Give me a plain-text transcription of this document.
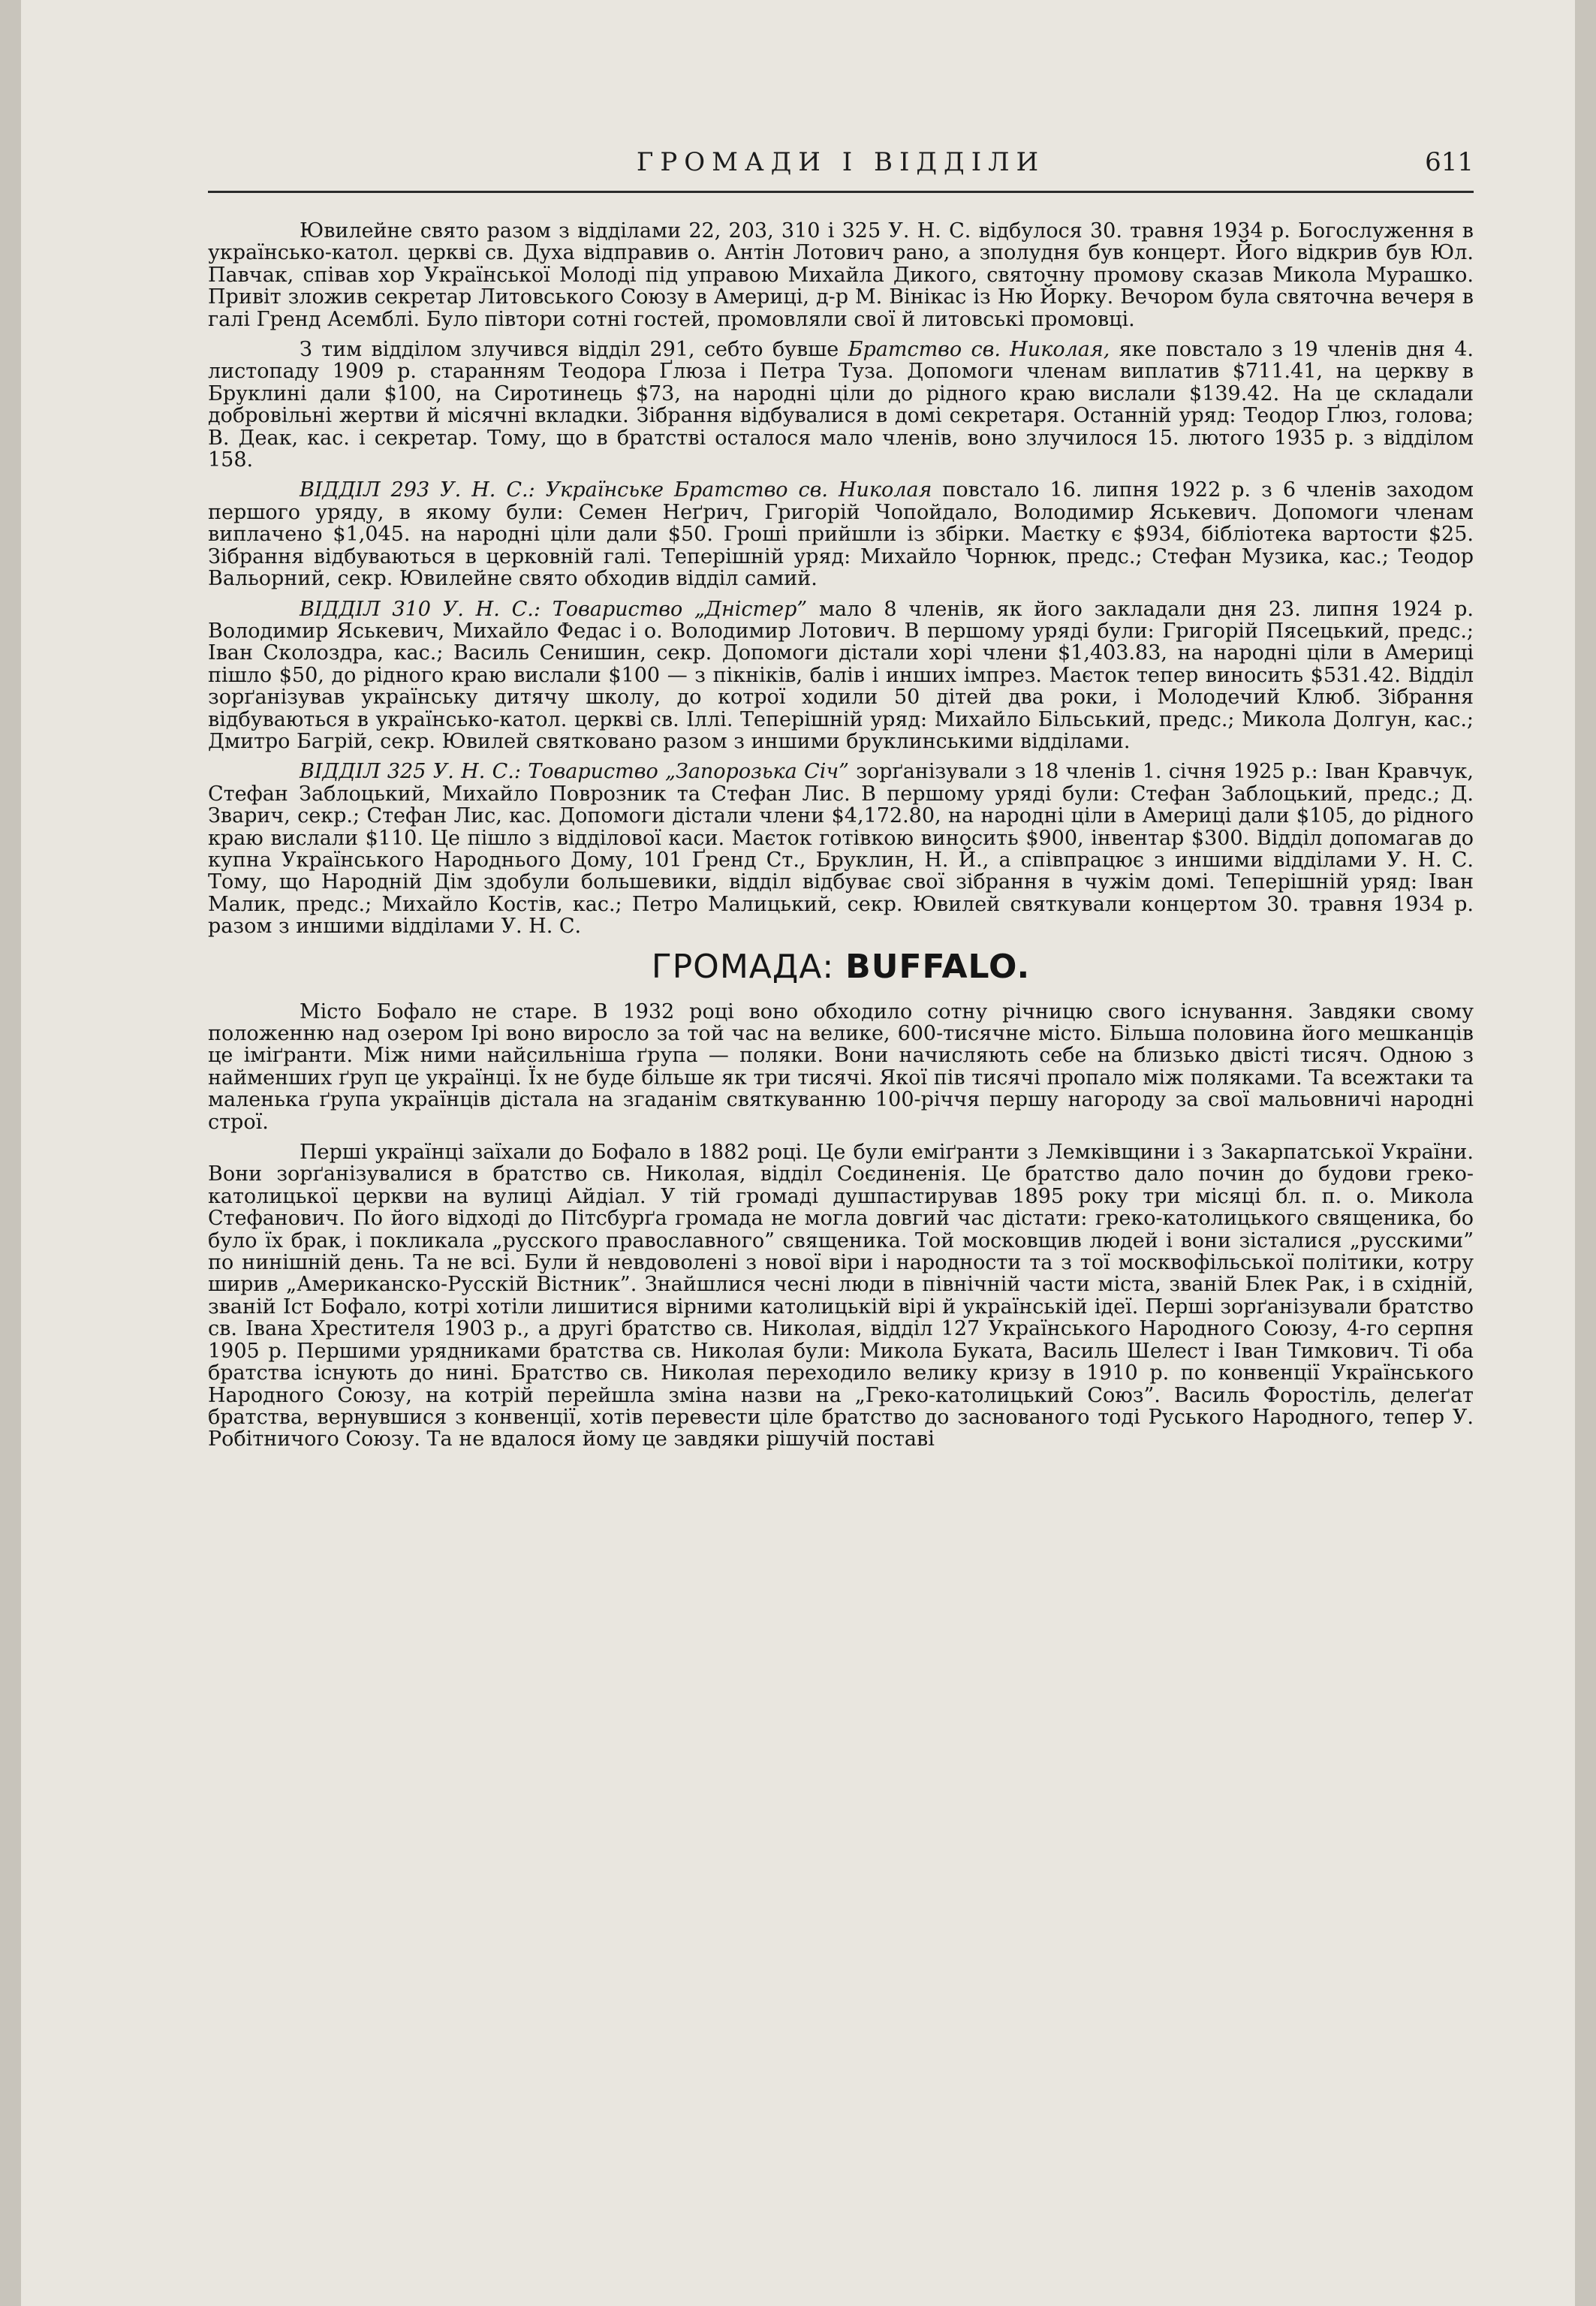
ГРОМАДИ І ВІДДІЛИ	611

Ювилейне свято разом з відділами 22, 203, 310 і 325 У. Н. С. відбулося 30. травня 1934 р. Богослуження в українсько-катол. церкві св. Духа відправив о. Антін Лотович рано, а зполудня був концерт. Його відкрив був Юл. Павчак, співав хор Української Молоді під управою Михайла Дикого, святочну промову сказав Микола Мурашко. Привіт зложив секретар Литовського Союзу в Америці, д-р М. Вінікас із Ню Йорку. Вечором була святочна вечеря в галі Гренд Асемблі. Було півтори сотні гостей, промовляли свої й литовські промовці.

З тим відділом злучився відділ 291, себто бувше Братство св. Николая, яке повстало з 19 членів дня 4. листопаду 1909 р. старанням Теодора Ґлюза і Петра Туза. Допомоги членам виплатив $711.41, на церкву в Бруклині дали $100, на Сиротинець $73, на народні ціли до рідного краю вислали $139.42. На це складали добровільні жертви й місячні вкладки. Зібрання відбувалися в домі секретаря. Останній уряд: Теодор Ґлюз, голова; В. Деак, кас. і секретар. Тому, що в братстві осталося мало членів, воно злучилося 15. лютого 1935 р. з відділом 158.

ВІДДІЛ 293 У. Н. С.: Українське Братство св. Николая повстало 16. липня 1922 р. з 6 членів заходом першого уряду, в якому були: Семен Неґрич, Григорій Чопойдало, Володимир Яськевич. Допомоги членам виплачено $1,045. на народні ціли дали $50. Гроші прийшли із збірки. Маєтку є $934, бібліотека вартости $25. Зібрання відбуваються в церковній галі. Теперішній уряд: Михайло Чорнюк, предс.; Стефан Музика, кас.; Теодор Вальорний, секр. Ювилейне свято обходив відділ самий.

ВІДДІЛ 310 У. Н. С.: Товариство „Дністер” мало 8 членів, як його закладали дня 23. липня 1924 р. Володимир Яськевич, Михайло Федас і о. Володимир Лотович. В першому уряді були: Григорій Пясецький, предс.; Іван Сколоздра, кас.; Василь Сенишин, секр. Допомоги дістали хорі члени $1,403.83, на народні ціли в Америці пішло $50, до рідного краю вислали $100 — з пікніків, балів і инших імпрез. Маєток тепер виносить $531.42. Відділ зорґанізував українську дитячу школу, до котрої ходили 50 дітей два роки, і Молодечий Клюб. Зібрання відбуваються в українсько-катол. церкві св. Іллі. Теперішній уряд: Михайло Більський, предс.; Микола Долгун, кас.; Дмитро Багрій, секр. Ювилей святковано разом з иншими бруклинськими відділами.

ВІДДІЛ 325 У. Н. С.: Товариство „Запорозька Січ” зорґанізували з 18 членів 1. січня 1925 р.: Іван Кравчук, Стефан Заблоцький, Михайло Поврозник та Стефан Лис. В першому уряді були: Стефан Заблоцький, предс.; Д. Зварич, секр.; Стефан Лис, кас. Допомоги дістали члени $4,172.80, на народні ціли в Америці дали $105, до рідного краю вислали $110. Це пішло з відділової каси. Маєток готівкою виносить $900, інвентар $300. Відділ допомагав до купна Українського Народнього Дому, 101 Ґренд Ст., Бруклин, Н. Й., а співпрацює з иншими відділами У. Н. С. Тому, що Народній Дім здобули большевики, відділ відбуває свої зібрання в чужім домі. Теперішній уряд: Іван Малик, предс.; Михайло Костів, кас.; Петро Малицький, секр. Ювилей святкували концертом 30. травня 1934 р. разом з иншими відділами У. Н. С.

ГРОМАДА: BUFFALO.

Місто Бофало не старе. В 1932 році воно обходило сотну річницю свого існування. Завдяки свому положенню над озером Ірі воно виросло за той час на велике, 600-тисячне місто. Більша половина його мешканців це іміґранти. Між ними найсильніша ґрупа — поляки. Вони начисляють себе на близько двісті тисяч. Одною з найменших ґруп це українці. Їх не буде більше як три тисячі. Якої пів тисячі пропало між поляками. Та всежтаки та маленька ґрупа українців дістала на згаданім святкуванню 100-річчя першу нагороду за свої мальовничі народні строї.

Перші українці заїхали до Бофало в 1882 році. Це були еміґранти з Лемківщини і з Закарпатської України. Вони зорґанізувалися в братство св. Николая, відділ Соєдиненія. Це братство дало почин до будови греко-католицької церкви на вулиці Айдіал. У тій громаді душпастирував 1895 року три місяці бл. п. о. Микола Стефанович. По його відході до Пітсбурґа громада не могла довгий час дістати: греко-католицького священика, бо було їх брак, і покликала „русского православного” священика. Той московщив людей і вони зісталися „русскими” по нинішній день. Та не всі. Були й невдоволені з нової віри і народности та з тої москвофільської політики, котру ширив „Американско-Русскій Вістник”. Знайшлися чесні люди в північній части міста, званій Блек Рак, і в східній, званій Іст Бофало, котрі хотіли лишитися вірними католицькій вірі й українській ідеї. Перші зорґанізували братство св. Івана Хрестителя 1903 р., а другі братство св. Николая, відділ 127 Українського Народного Союзу, 4-го серпня 1905 р. Першими урядниками братства св. Николая були: Микола Буката, Василь Шелест і Іван Тимкович. Ті оба братства існують до нині. Братство св. Николая переходило велику кризу в 1910 р. по конвенції Українського Народного Союзу, на котрій перейшла зміна назви на „Греко-католицький Союз”. Василь Форостіль, делеґат братства, вернувшися з конвенції, хотів перевести ціле братство до заснованого тоді Руського Народного, тепер У. Робітничого Союзу. Та не вдалося йому це завдяки рішучій поставі
